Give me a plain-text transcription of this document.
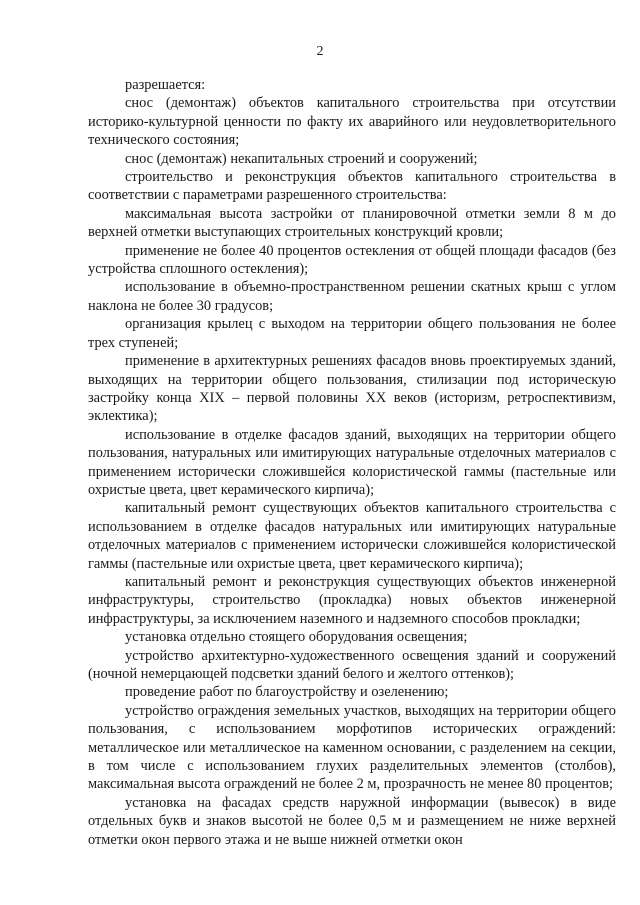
2

разрешается:

снос (демонтаж) объектов капитального строительства при отсутствии историко-культурной ценности по факту их аварийного или неудовлетворительного технического состояния;

снос (демонтаж) некапитальных строений и сооружений;

строительство и реконструкция объектов капитального строительства в соответствии с параметрами разрешенного строительства:

максимальная высота застройки от планировочной отметки земли 8 м до верхней отметки выступающих строительных конструкций кровли;

применение не более 40 процентов остекления от общей площади фасадов (без устройства сплошного остекления);

использование в объемно-пространственном решении скатных крыш с углом наклона не более 30 градусов;

организация крылец с выходом на территории общего пользования не более трех ступеней;

применение в архитектурных решениях фасадов вновь проектируемых зданий, выходящих на территории общего пользования, стилизации под историческую застройку конца XIX – первой половины XX веков (историзм, ретроспективизм, эклектика);

использование в отделке фасадов зданий, выходящих на территории общего пользования, натуральных или имитирующих натуральные отделочных материалов с применением исторически сложившейся колористической гаммы (пастельные или охристые цвета, цвет керамического кирпича);

капитальный ремонт существующих объектов капитального строительства с использованием в отделке фасадов натуральных или имитирующих натуральные отделочных материалов с применением исторически сложившейся колористической гаммы (пастельные или охристые цвета, цвет керамического кирпича);

капитальный ремонт и реконструкция существующих объектов инженерной инфраструктуры, строительство (прокладка) новых объектов инженерной инфраструктуры, за исключением наземного и надземного способов прокладки;

установка отдельно стоящего оборудования освещения;

устройство архитектурно-художественного освещения зданий и сооружений (ночной немерцающей подсветки зданий белого и желтого оттенков);

проведение работ по благоустройству и озеленению;

устройство ограждения земельных участков, выходящих на территории общего пользования, с использованием морфотипов исторических ограждений: металлическое или металлическое на каменном основании, с разделением на секции, в том числе с использованием глухих разделительных элементов (столбов), максимальная высота ограждений не более 2 м, прозрачность не менее 80 процентов;

установка на фасадах средств наружной информации (вывесок) в виде отдельных букв и знаков высотой не более 0,5 м и размещением не ниже верхней отметки окон первого этажа и не выше нижней отметки окон
